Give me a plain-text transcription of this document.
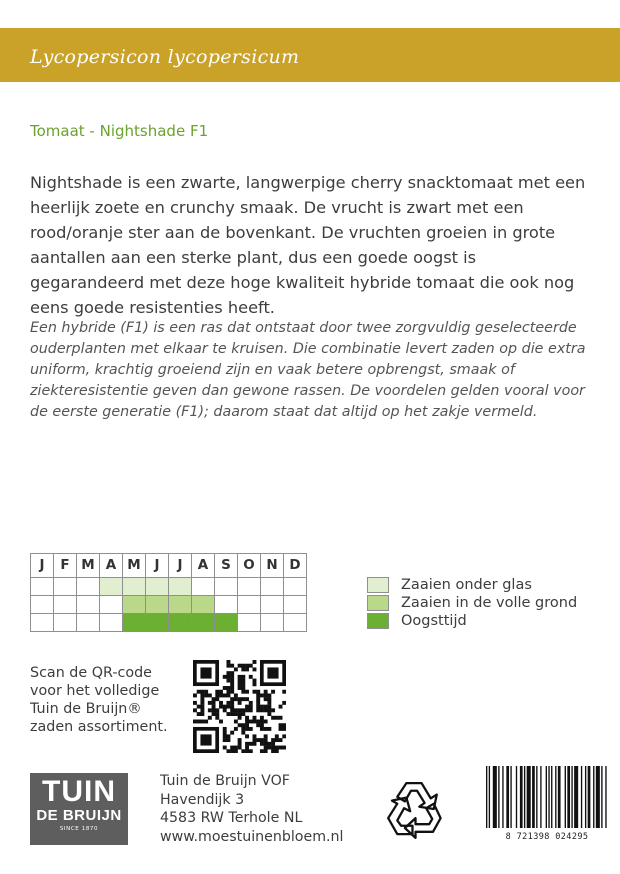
Lycopersicon lycopersicum
Tomaat - Nightshade F1

Nightshade is een zwarte, langwerpige cherry snacktomaat met een heerlijk zoete en crunchy smaak. De vrucht is zwart met een rood/oranje ster aan de bovenkant. De vruchten groeien in grote aantallen aan een sterke plant, dus een goede oogst is gegarandeerd met deze hoge kwaliteit hybride tomaat die ook nog eens goede resistenties heeft.

Een hybride (F1) is een ras dat ontstaat door twee zorgvuldig geselecteerde ouderplanten met elkaar te kruisen. Die combinatie levert zaden op die extra uniform, krachtig groeiend zijn en vaak betere opbrengst, smaak of ziekteresistentie geven dan gewone rassen. De voordelen gelden vooral voor de eerste generatie (F1); daarom staat dat altijd op het zakje vermeld.

J	F	M	A	M	J	J	A	S	O	N	D

Zaaien onder glas
Zaaien in de volle grond
Oogsttijd
Scan de QR-code
voor het volledige
Tuin de Bruijn®
zaden assortiment.
TUIN
DE BRUIJN
SINCE 1870
Tuin de Bruijn VOF
Havendijk 3
4583 RW Terhole NL
www.moestuinenbloem.nl	8 721398 024295
